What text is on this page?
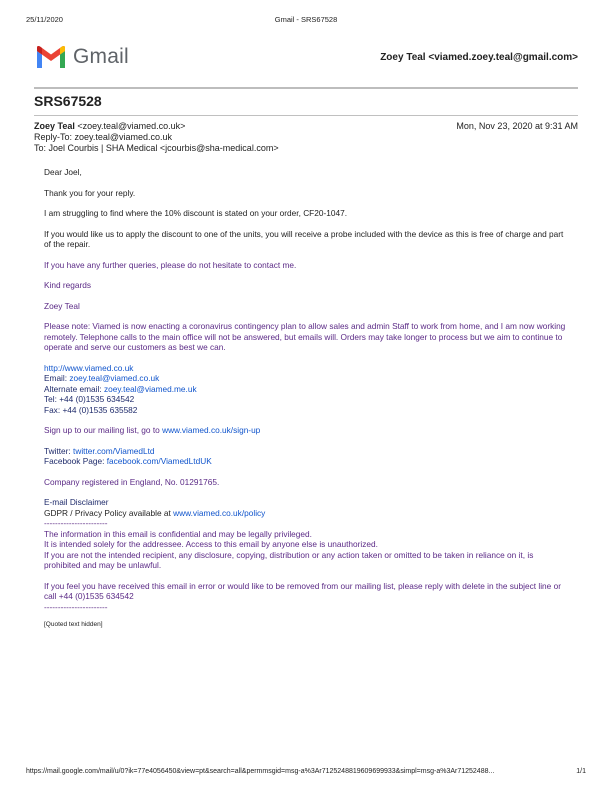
25/11/2020	Gmail - SRS67528
Gmail	Zoey Teal <viamed.zoey.teal@gmail.com>
SRS67528
Zoey Teal <zoey.teal@viamed.co.uk>	Mon, Nov 23, 2020 at 9:31 AM
Reply-To: zoey.teal@viamed.co.uk
To: Joel Courbis | SHA Medical <jcourbis@sha-medical.com>

Dear Joel,

Thank you for your reply.

I am struggling to find where the 10% discount is stated on your order, CF20-1047.

If you would like us to apply the discount to one of the units, you will receive a probe included with the device as this is free of charge and part of the repair.

If you have any further queries, please do not hesitate to contact me.

Kind regards

Zoey Teal

Please note: Viamed is now enacting a coronavirus contingency plan to allow sales and admin Staff to work from home, and I am now working remotely. Telephone calls to the main office will not be answered, but emails will. Orders may take longer to process but we aim to continue to operate and serve our customers as best we can.

http://www.viamed.co.uk

Email: zoey.teal@viamed.co.uk

Alternate email: zoey.teal@viamed.me.uk

Tel: +44 (0)1535 634542

Fax: +44 (0)1535 635582

Sign up to our mailing list, go to www.viamed.co.uk/sign-up

Twitter: twitter.com/ViamedLtd

Facebook Page: facebook.com/ViamedLtdUK

Company registered in England, No. 01291765.

E-mail Disclaimer

GDPR / Privacy Policy available at www.viamed.co.uk/policy

-----------------------

The information in this email is confidential and may be legally privileged.

It is intended solely for the addressee. Access to this email by anyone else is unauthorized.

If you are not the intended recipient, any disclosure, copying, distribution or any action taken or omitted to be taken in reliance on it, is prohibited and may be unlawful.

If you feel you have received this email in error or would like to be removed from our mailing list, please reply with delete in the subject line or call +44 (0)1535 634542

-----------------------

[Quoted text hidden]

https://mail.google.com/mail/u/0?ik=77e4056450&view=pt&search=all&permmsgid=msg-a%3Ar7125248819609699933&simpl=msg-a%3Ar71252488...	1/1
